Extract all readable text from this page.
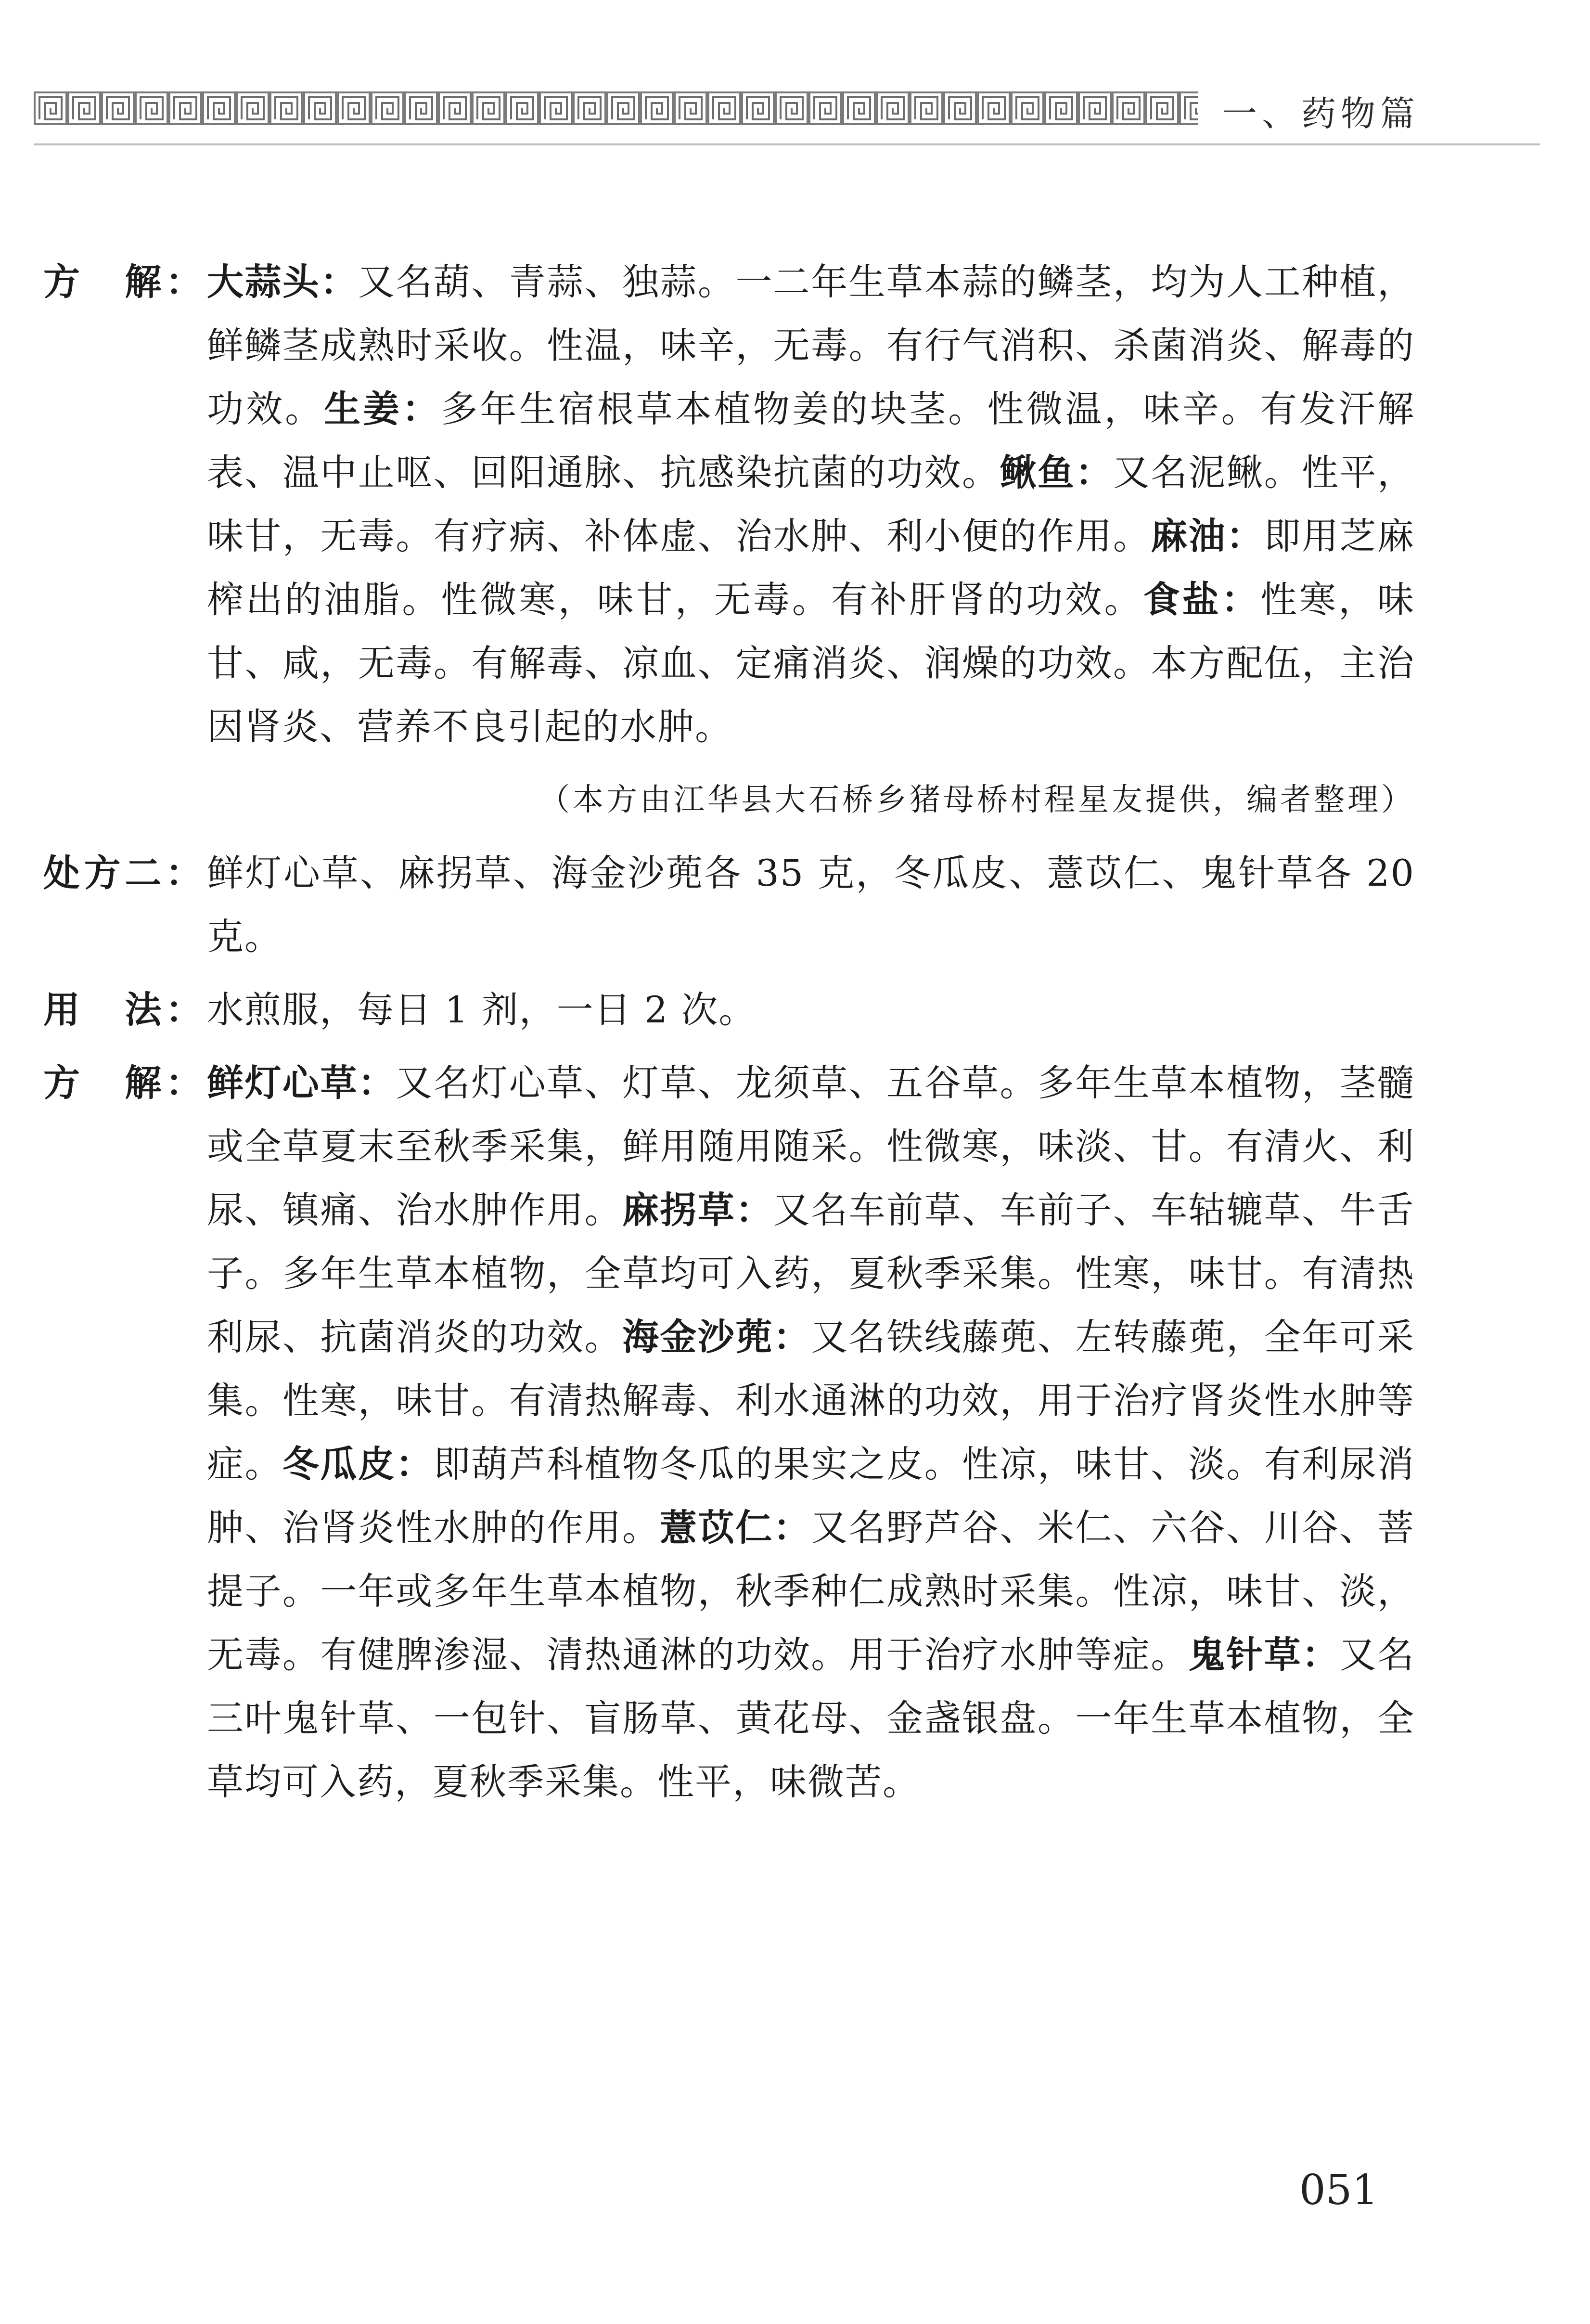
一、药物篇
方　解： 大蒜头：又名葫、青蒜、独蒜。一二年生草本蒜的鳞茎，均为人工种植，鲜鳞茎成熟时采收。性温，味辛，无毒。有行气消积、杀菌消炎、解毒的功效。生姜：多年生宿根草本植物姜的块茎。性微温，味辛。有发汗解表、温中止呕、回阳通脉、抗感染抗菌的功效。鳅鱼：又名泥鳅。性平，味甘，无毒。有疗病、补体虚、治水肿、利小便的作用。麻油：即用芝麻榨出的油脂。性微寒，味甘，无毒。有补肝肾的功效。食盐：性寒，味甘、咸，无毒。有解毒、凉血、定痛消炎、润燥的功效。本方配伍，主治因肾炎、营养不良引起的水肿。
（本方由江华县大石桥乡猪母桥村程星友提供，编者整理）
处方二： 鲜灯心草、麻拐草、海金沙蔸各 35 克，冬瓜皮、薏苡仁、鬼针草各 20 克。
用　法： 水煎服，每日 1 剂，一日 2 次。
方　解： 鲜灯心草：又名灯心草、灯草、龙须草、五谷草。多年生草本植物，茎髓或全草夏末至秋季采集，鲜用随用随采。性微寒，味淡、甘。有清火、利尿、镇痛、治水肿作用。麻拐草：又名车前草、车前子、车轱辘草、牛舌子。多年生草本植物，全草均可入药，夏秋季采集。性寒，味甘。有清热利尿、抗菌消炎的功效。海金沙蔸：又名铁线藤蔸、左转藤蔸，全年可采集。性寒，味甘。有清热解毒、利水通淋的功效，用于治疗肾炎性水肿等症。冬瓜皮：即葫芦科植物冬瓜的果实之皮。性凉，味甘、淡。有利尿消肿、治肾炎性水肿的作用。薏苡仁：又名野芦谷、米仁、六谷、川谷、菩提子。一年或多年生草本植物，秋季种仁成熟时采集。性凉，味甘、淡，无毒。有健脾渗湿、清热通淋的功效。用于治疗水肿等症。鬼针草：又名三叶鬼针草、一包针、盲肠草、黄花母、金盏银盘。一年生草本植物，全草均可入药，夏秋季采集。性平，味微苦。
051
